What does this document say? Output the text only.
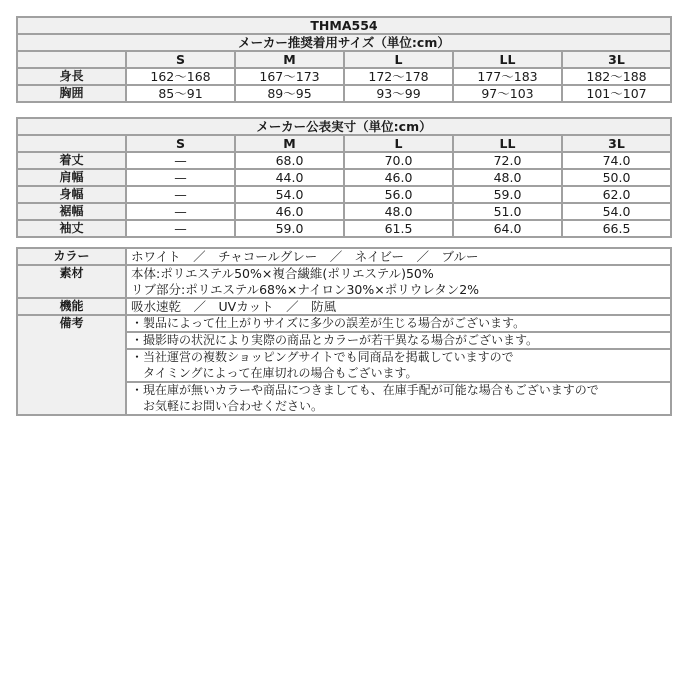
THMA554					
メーカー推奨着用サイズ（単位:cm）					
	S	M	L	LL	3L
身長	162～168	167～173	172～178	177～183	182～188
胸囲	85～91	89～95	93～99	97～103	101～107
メーカー公表実寸（単位:cm）					
	S	M	L	LL	3L
着丈	—	68.0	70.0	72.0	74.0
肩幅	—	44.0	46.0	48.0	50.0
身幅	—	54.0	56.0	59.0	62.0
裾幅	—	46.0	48.0	51.0	54.0
袖丈	—	59.0	61.5	64.0	66.5
カラー	ホワイト　／　チャコールグレー　／　ネイビー　／　ブルー
素材	本体:ポリエステル50%×複合繊維(ポリエステル)50%
リブ部分:ポリエステル68%×ナイロン30%×ポリウレタン2%

機能	吸水速乾　／　UVカット　／　防風
備考	・製品によって仕上がりサイズに多少の誤差が生じる場合がございます。
	・撮影時の状況により実際の商品とカラーが若干異なる場合がございます。

	・当社運営の複数ショッピングサイトでも同商品を掲載していますので
　タイミングによって在庫切れの場合もございます。

	・現在庫が無いカラーや商品につきましても、在庫手配が可能な場合もございますので
　お気軽にお問い合わせください。
